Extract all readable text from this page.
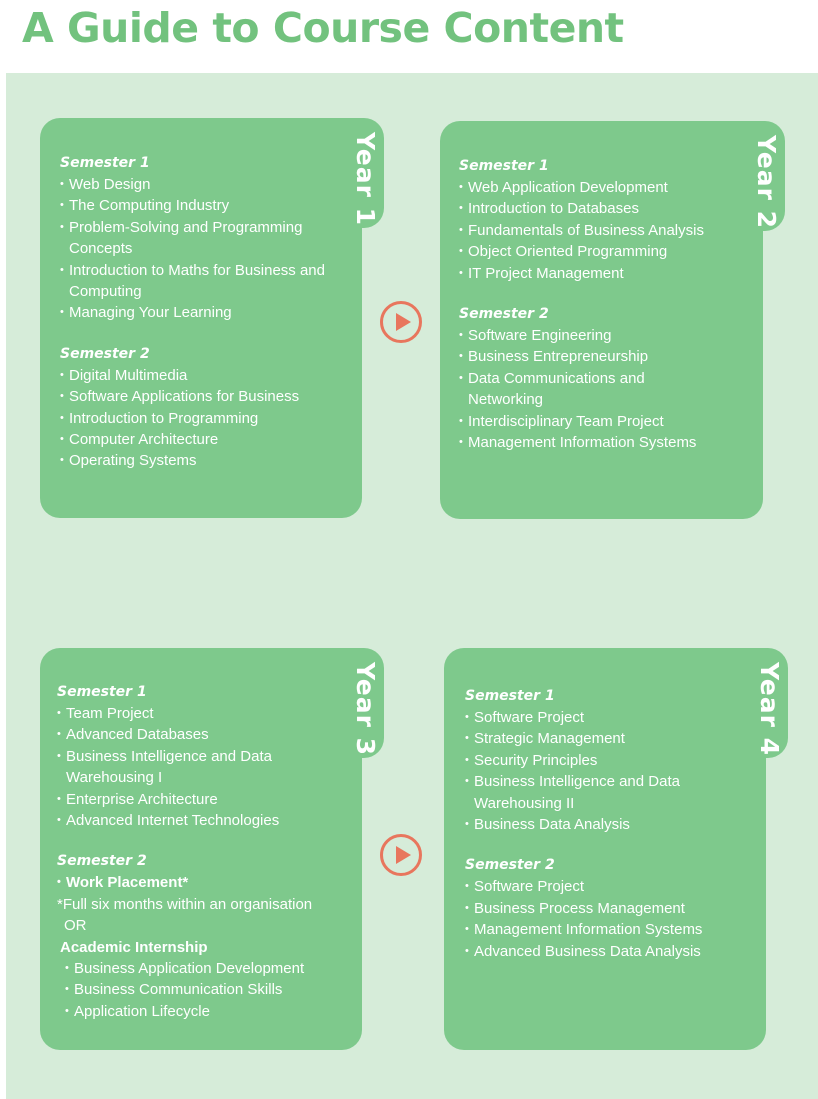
A Guide to Course Content
Year 1

Semester 1

• Web Design
• The Computing Industry
• Problem-Solving and Programming Concepts
• Introduction to Maths for Business and Computing
• Managing Your Learning

Semester 2

• Digital Multimedia
• Software Applications for Business
• Introduction to Programming
• Computer Architecture
• Operating Systems
Year 2

Semester 1

• Web Application Development
• Introduction to Databases
• Fundamentals of Business Analysis
• Object Oriented Programming
• IT Project Management

Semester 2

• Software Engineering
• Business Entrepreneurship
• Data Communications and Networking
• Interdisciplinary Team Project
• Management Information Systems
Year 3

Semester 1

• Team Project
• Advanced Databases
• Business Intelligence and Data Warehousing I
• Enterprise Architecture
• Advanced Internet Technologies

Semester 2

• Work Placement*
*Full six months within an organisation
OR
Academic Internship
• Business Application Development
• Business Communication Skills
• Application Lifecycle
Year 4

Semester 1

• Software Project
• Strategic Management
• Security Principles
• Business Intelligence and Data Warehousing II
• Business Data Analysis

Semester 2

• Software Project
• Business Process Management
• Management Information Systems
• Advanced Business Data Analysis
